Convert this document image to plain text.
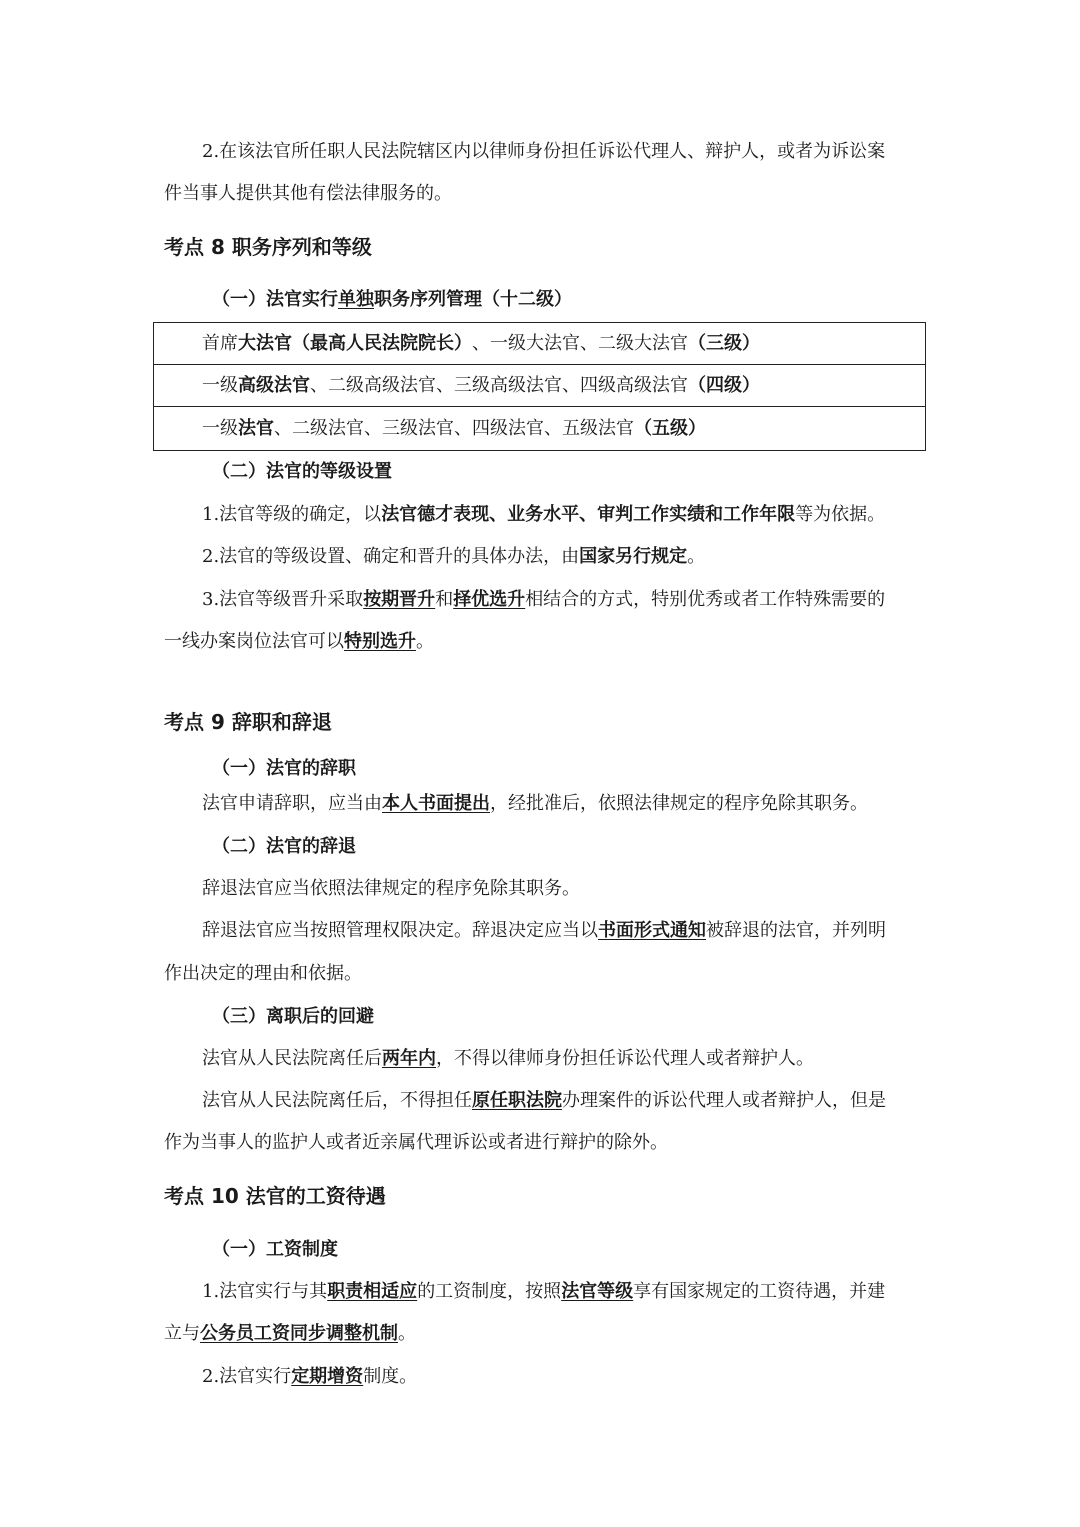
2.在该法官所任职人民法院辖区内以律师身份担任诉讼代理人、辩护人，或者为诉讼案
件当事人提供其他有偿法律服务的。
考点 8 职务序列和等级
（一）法官实行单独职务序列管理（十二级）
首席 大法官 （最高人民法院院长） 、一级大法官、二级大法官 （三级）
一级 高级法官 、二级高级法官、三级高级法官、四级高级法官 （四级）
一级 法官 、二级法官、三级法官、四级法官、五级法官 （五级）
（二）法官的等级设置
1.法官等级的确定，以法官德才表现、业务水平、审判工作实绩和工作年限等为依据。
2.法官的等级设置、确定和晋升的具体办法，由国家另行规定。
3.法官等级晋升采取按期晋升和择优选升相结合的方式，特别优秀或者工作特殊需要的
一线办案岗位法官可以特别选升。
考点 9 辞职和辞退
（一）法官的辞职
法官申请辞职，应当由本人书面提出，经批准后，依照法律规定的程序免除其职务。
（二）法官的辞退
辞退法官应当依照法律规定的程序免除其职务。
辞退法官应当按照管理权限决定。辞退决定应当以书面形式通知被辞退的法官，并列明
作出决定的理由和依据。
（三）离职后的回避
法官从人民法院离任后两年内，不得以律师身份担任诉讼代理人或者辩护人。
法官从人民法院离任后，不得担任原任职法院办理案件的诉讼代理人或者辩护人，但是
作为当事人的监护人或者近亲属代理诉讼或者进行辩护的除外。
考点 10 法官的工资待遇
（一）工资制度
1.法官实行与其职责相适应的工资制度，按照法官等级享有国家规定的工资待遇，并建
立与公务员工资同步调整机制。
2.法官实行定期增资制度。
